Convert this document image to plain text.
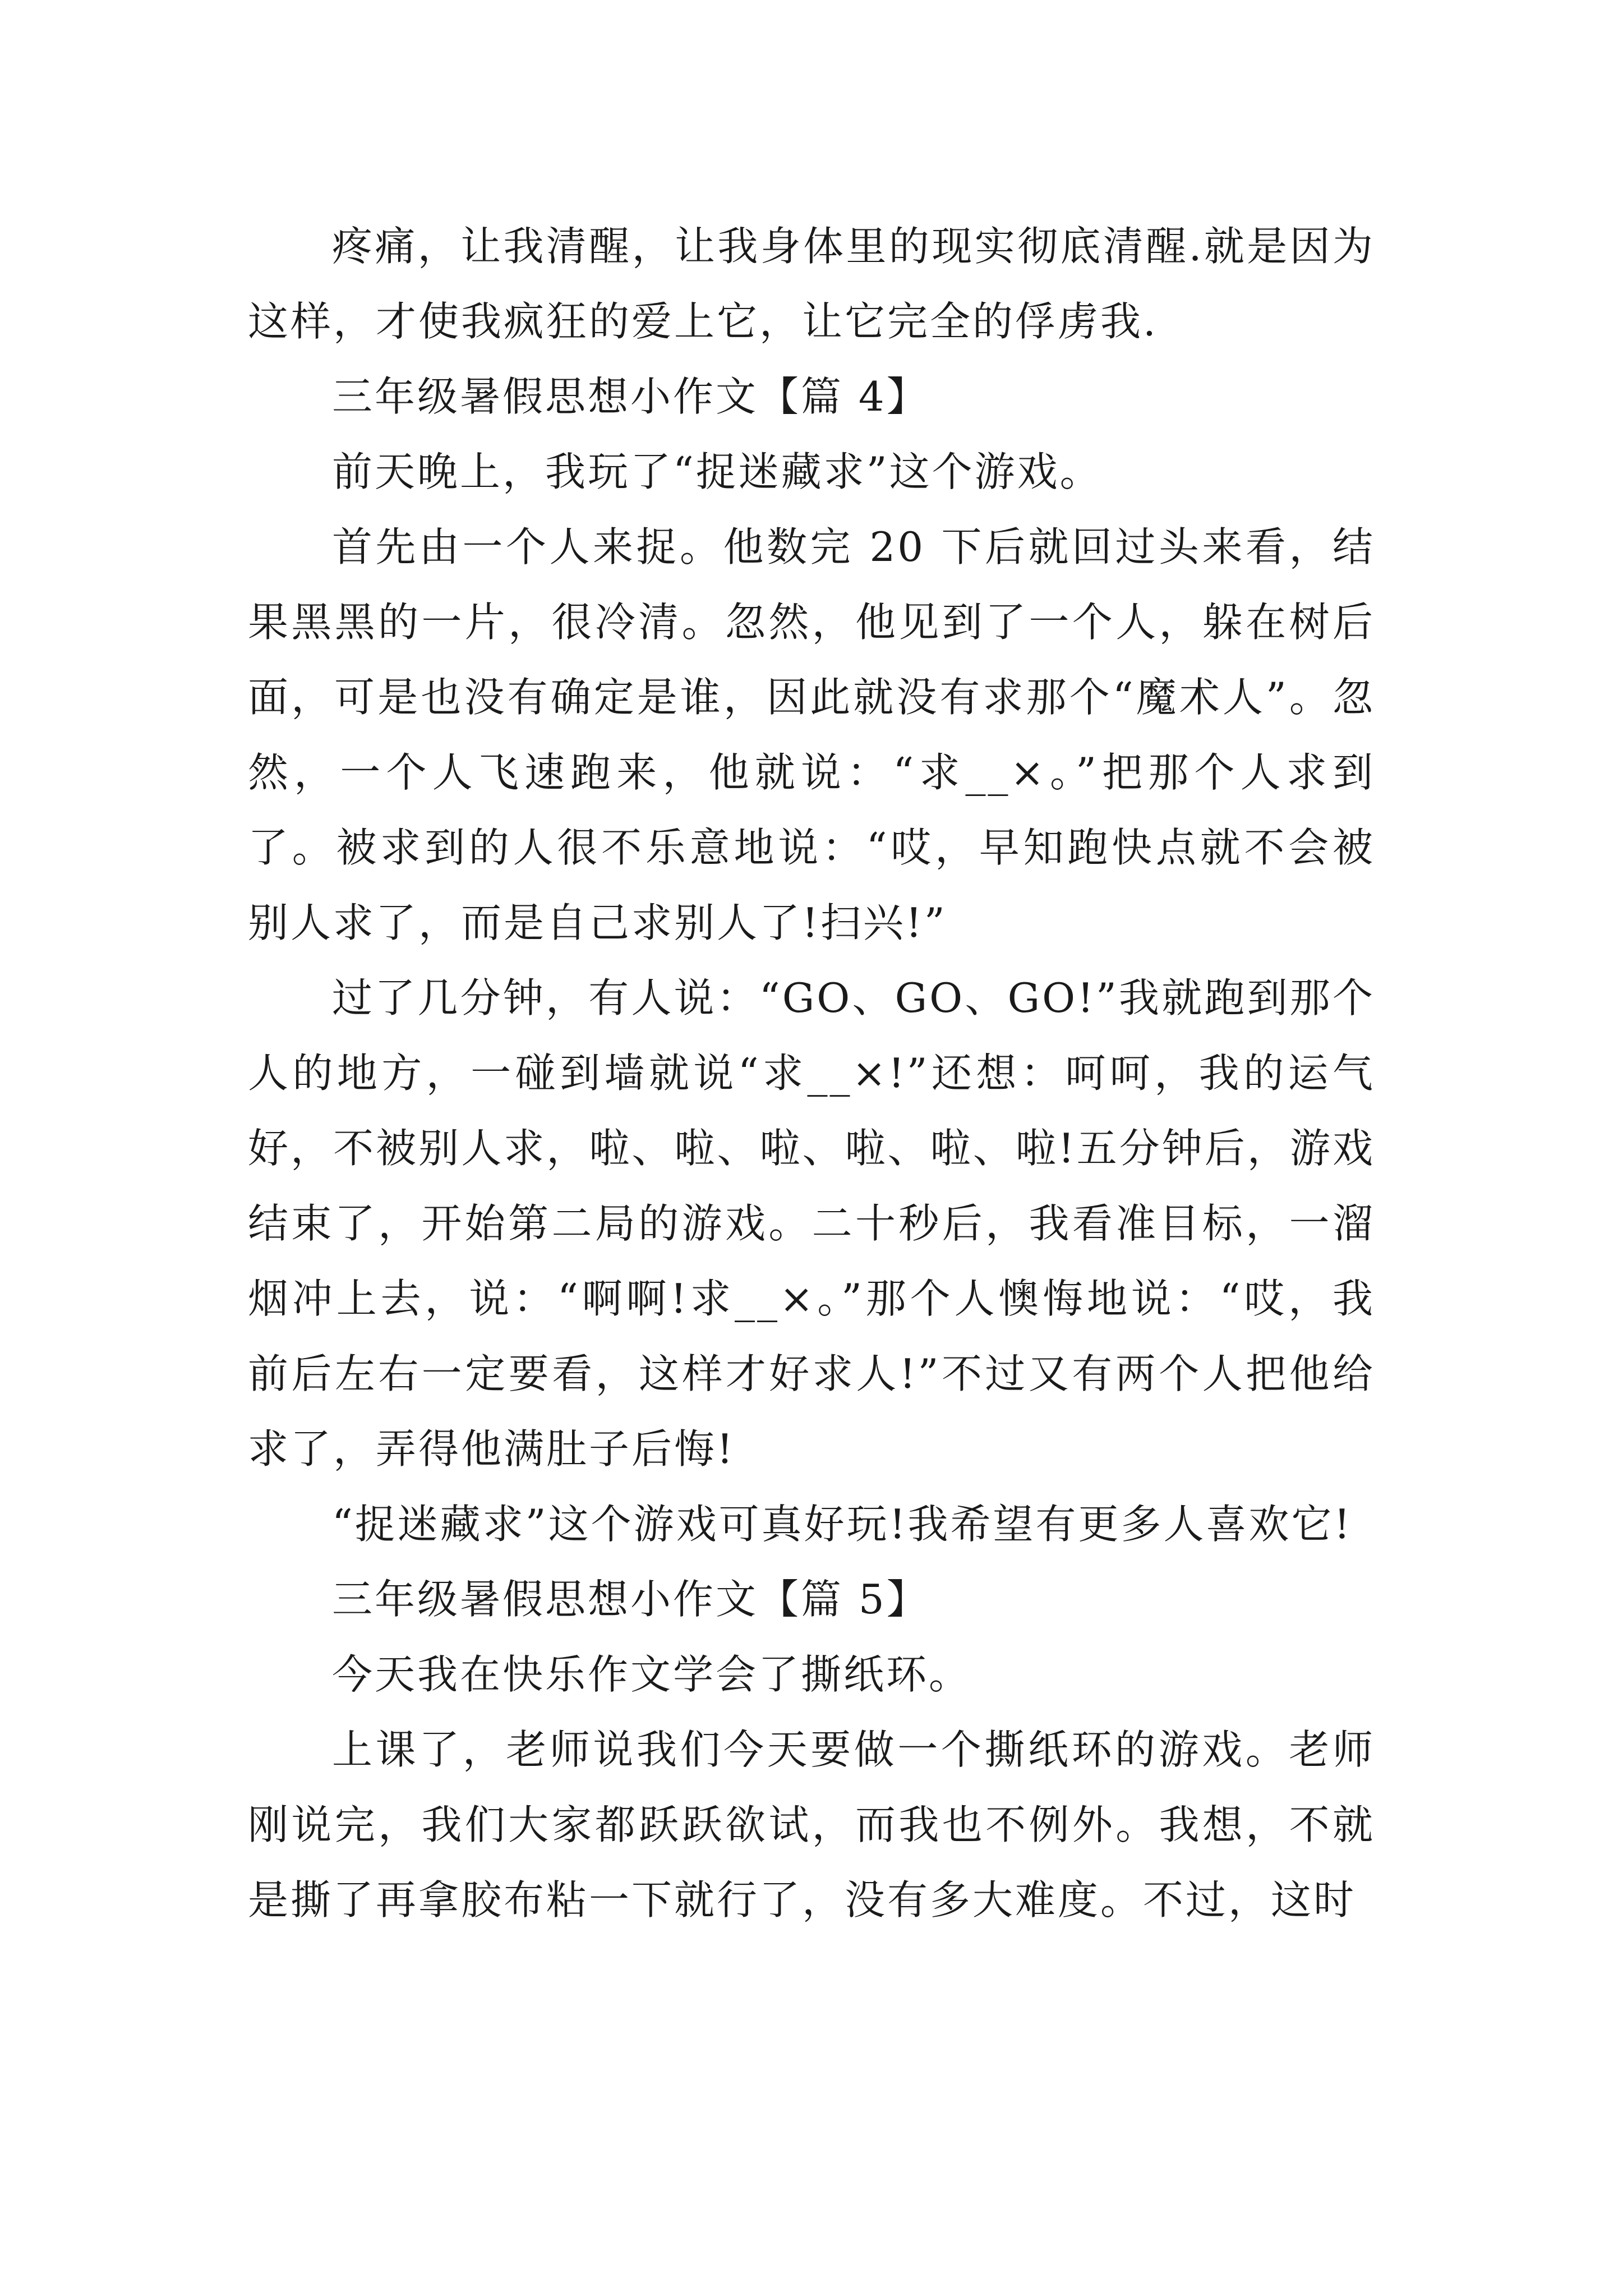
疼痛，让我清醒，让我身体里的现实彻底清醒.就是因为这样，才使我疯狂的爱上它，让它完全的俘虏我.

三年级暑假思想小作文【篇 4】

前天晚上，我玩了“捉迷藏求”这个游戏。

首先由一个人来捉。他数完 20 下后就回过头来看，结果黑黑的一片，很冷清。忽然，他见到了一个人，躲在树后面，可是也没有确定是谁，因此就没有求那个“魔术人”。忽然，一个人飞速跑来，他就说：“求__×。”把那个人求到了。被求到的人很不乐意地说：“哎，早知跑快点就不会被别人求了，而是自己求别人了!扫兴!”

过了几分钟，有人说：“GO、GO、GO!”我就跑到那个人的地方，一碰到墙就说“求__×!”还想：呵呵，我的运气好，不被别人求，啦、啦、啦、啦、啦、啦!五分钟后，游戏结束了，开始第二局的游戏。二十秒后，我看准目标，一溜烟冲上去，说：“啊啊!求__×。”那个人懊悔地说：“哎，我前后左右一定要看，这样才好求人!”不过又有两个人把他给求了，弄得他满肚子后悔!

“捉迷藏求”这个游戏可真好玩!我希望有更多人喜欢它!

三年级暑假思想小作文【篇 5】

今天我在快乐作文学会了撕纸环。

上课了，老师说我们今天要做一个撕纸环的游戏。老师刚说完，我们大家都跃跃欲试，而我也不例外。我想，不就是撕了再拿胶布粘一下就行了，没有多大难度。不过，这时
